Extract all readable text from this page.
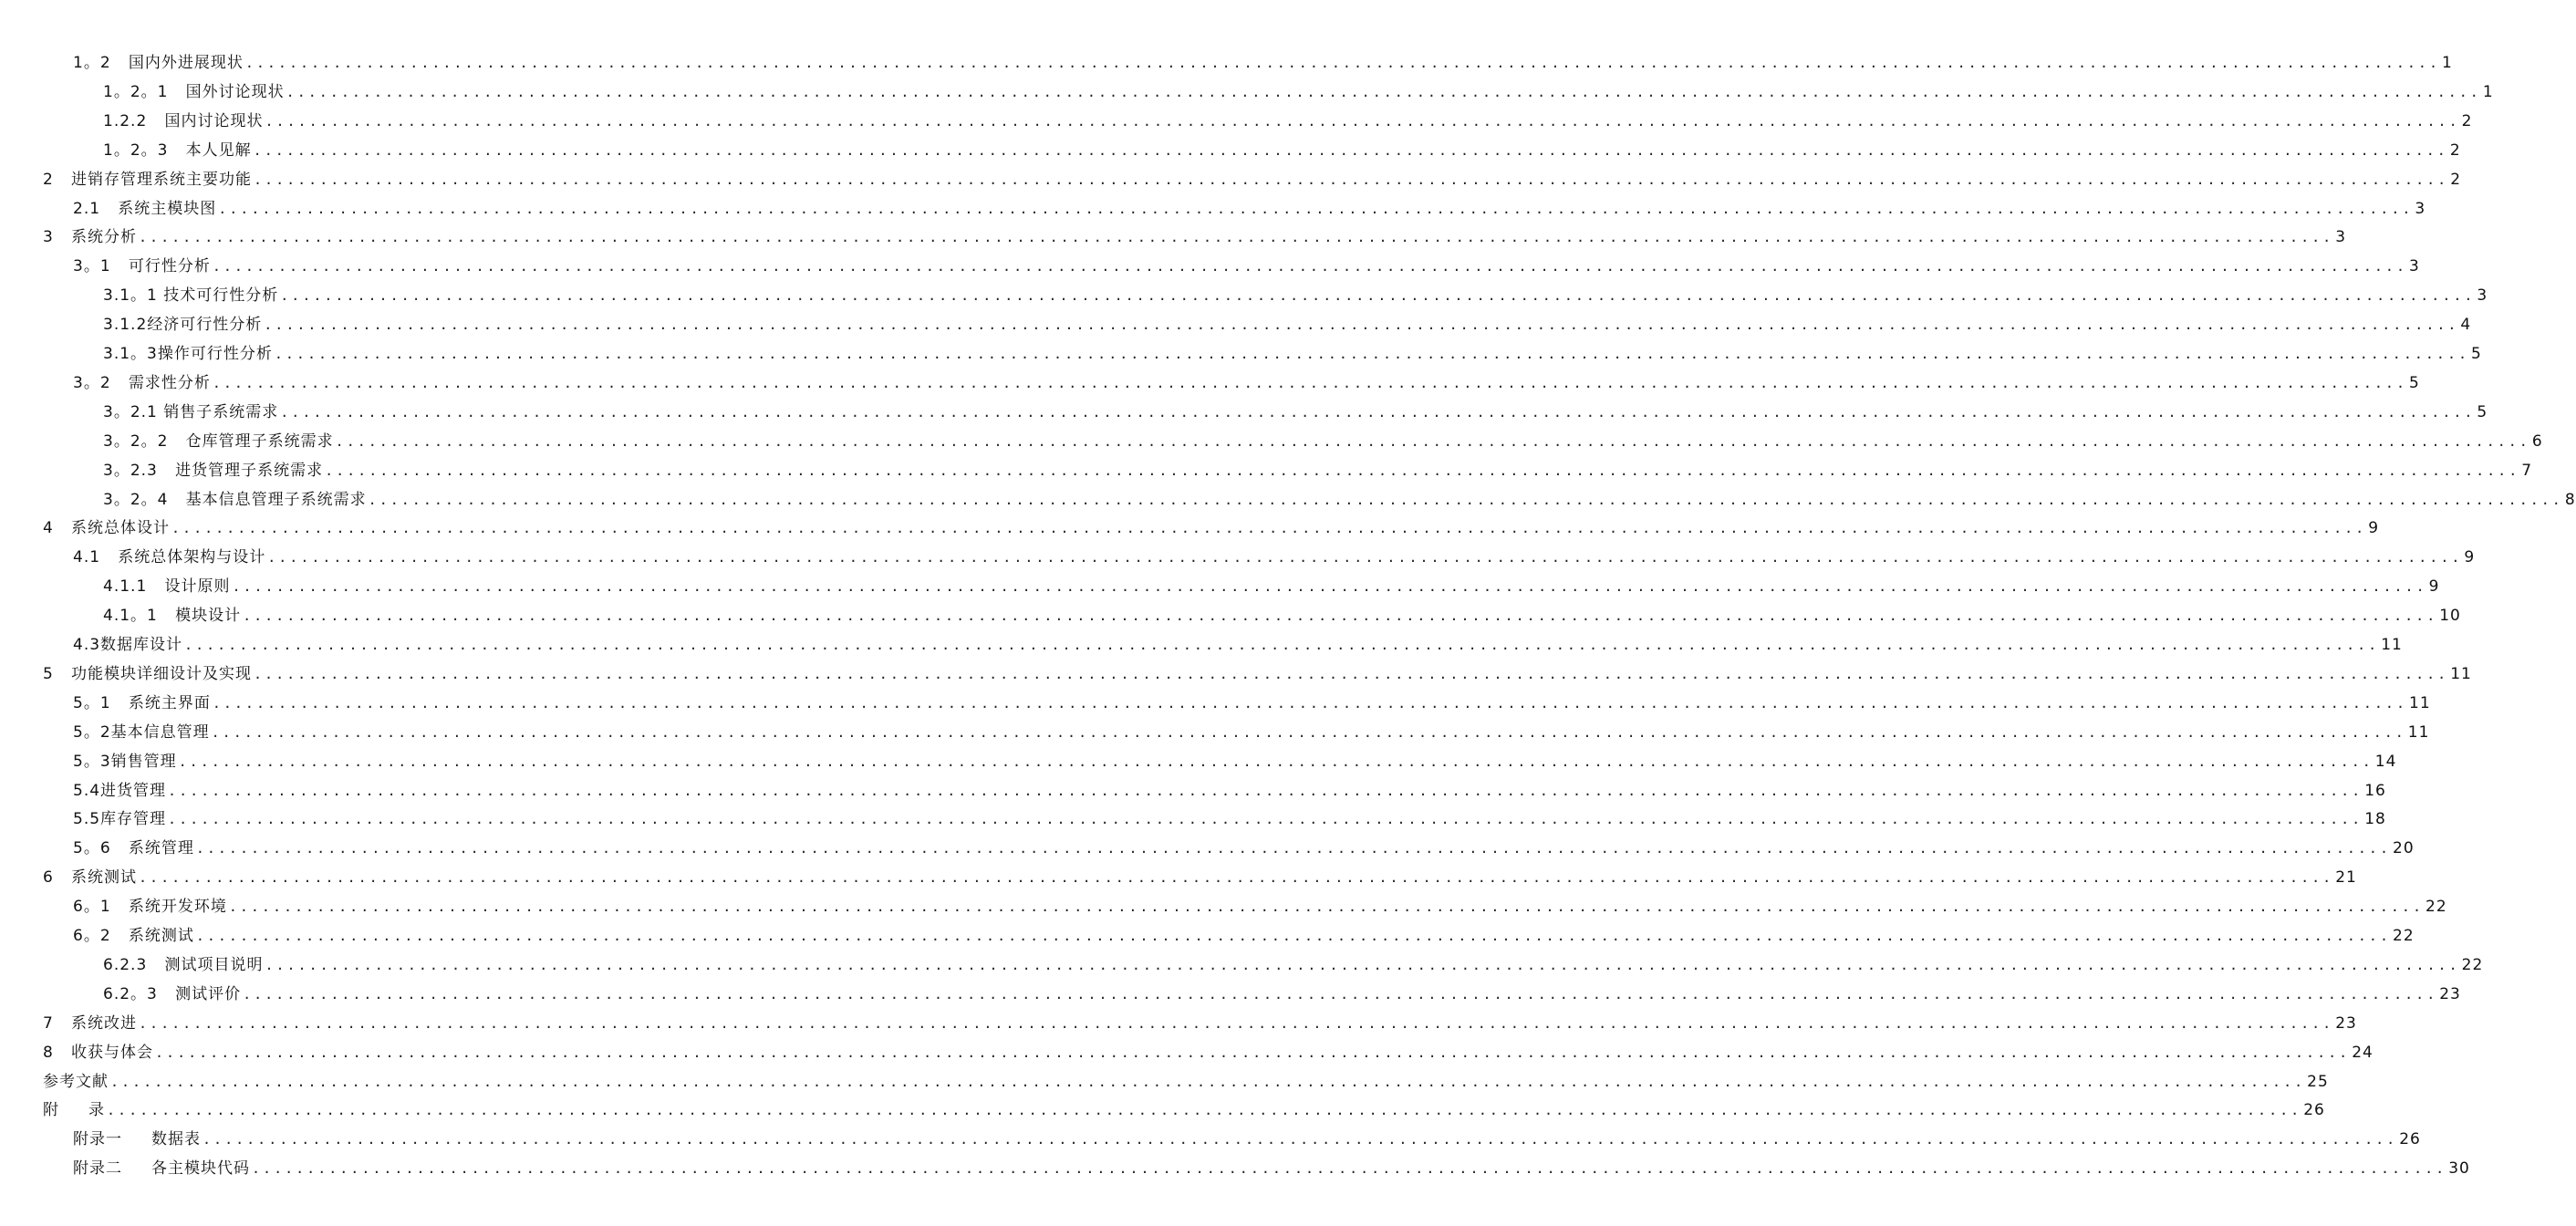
1。2   国内外进展现状 ........................................................................................................................................................................................................ 1
1。2。1   国外讨论现状 ........................................................................................................................................................................................................ 1
1.2.2   国内讨论现状 ........................................................................................................................................................................................................ 2
1。2。3   本人见解 ........................................................................................................................................................................................................ 2
2   进销存管理系统主要功能 ........................................................................................................................................................................................................ 2
2.1   系统主模块图 ........................................................................................................................................................................................................ 3
3   系统分析 ........................................................................................................................................................................................................ 3
3。1   可行性分析 ........................................................................................................................................................................................................ 3
3.1。1 技术可行性分析 ........................................................................................................................................................................................................ 3
3.1.2经济可行性分析 ........................................................................................................................................................................................................ 4
3.1。3操作可行性分析 ........................................................................................................................................................................................................ 5
3。2   需求性分析 ........................................................................................................................................................................................................ 5
3。2.1 销售子系统需求 ........................................................................................................................................................................................................ 5
3。2。2   仓库管理子系统需求 ........................................................................................................................................................................................................ 6
3。2.3   进货管理子系统需求 ........................................................................................................................................................................................................ 7
3。2。4   基本信息管理子系统需求 ........................................................................................................................................................................................................ 8
4   系统总体设计 ........................................................................................................................................................................................................ 9
4.1   系统总体架构与设计 ........................................................................................................................................................................................................ 9
4.1.1   设计原则 ........................................................................................................................................................................................................ 9
4.1。1   模块设计 ........................................................................................................................................................................................................ 10
4.3数据库设计 ........................................................................................................................................................................................................ 11
5   功能模块详细设计及实现 ........................................................................................................................................................................................................ 11
5。1   系统主界面 ........................................................................................................................................................................................................ 11
5。2基本信息管理 ........................................................................................................................................................................................................ 11
5。3销售管理 ........................................................................................................................................................................................................ 14
5.4进货管理 ........................................................................................................................................................................................................ 16
5.5库存管理 ........................................................................................................................................................................................................ 18
5。6   系统管理 ........................................................................................................................................................................................................ 20
6   系统测试 ........................................................................................................................................................................................................ 21
6。1   系统开发环境 ........................................................................................................................................................................................................ 22
6。2   系统测试 ........................................................................................................................................................................................................ 22
6.2.3   测试项目说明 ........................................................................................................................................................................................................ 22
6.2。3   测试评价 ........................................................................................................................................................................................................ 23
7   系统改进 ........................................................................................................................................................................................................ 23
8   收获与体会 ........................................................................................................................................................................................................ 24
参考文献 ........................................................................................................................................................................................................ 25
附     录 ........................................................................................................................................................................................................ 26
附录一     数据表 ........................................................................................................................................................................................................ 26
附录二     各主模块代码 ........................................................................................................................................................................................................ 30
